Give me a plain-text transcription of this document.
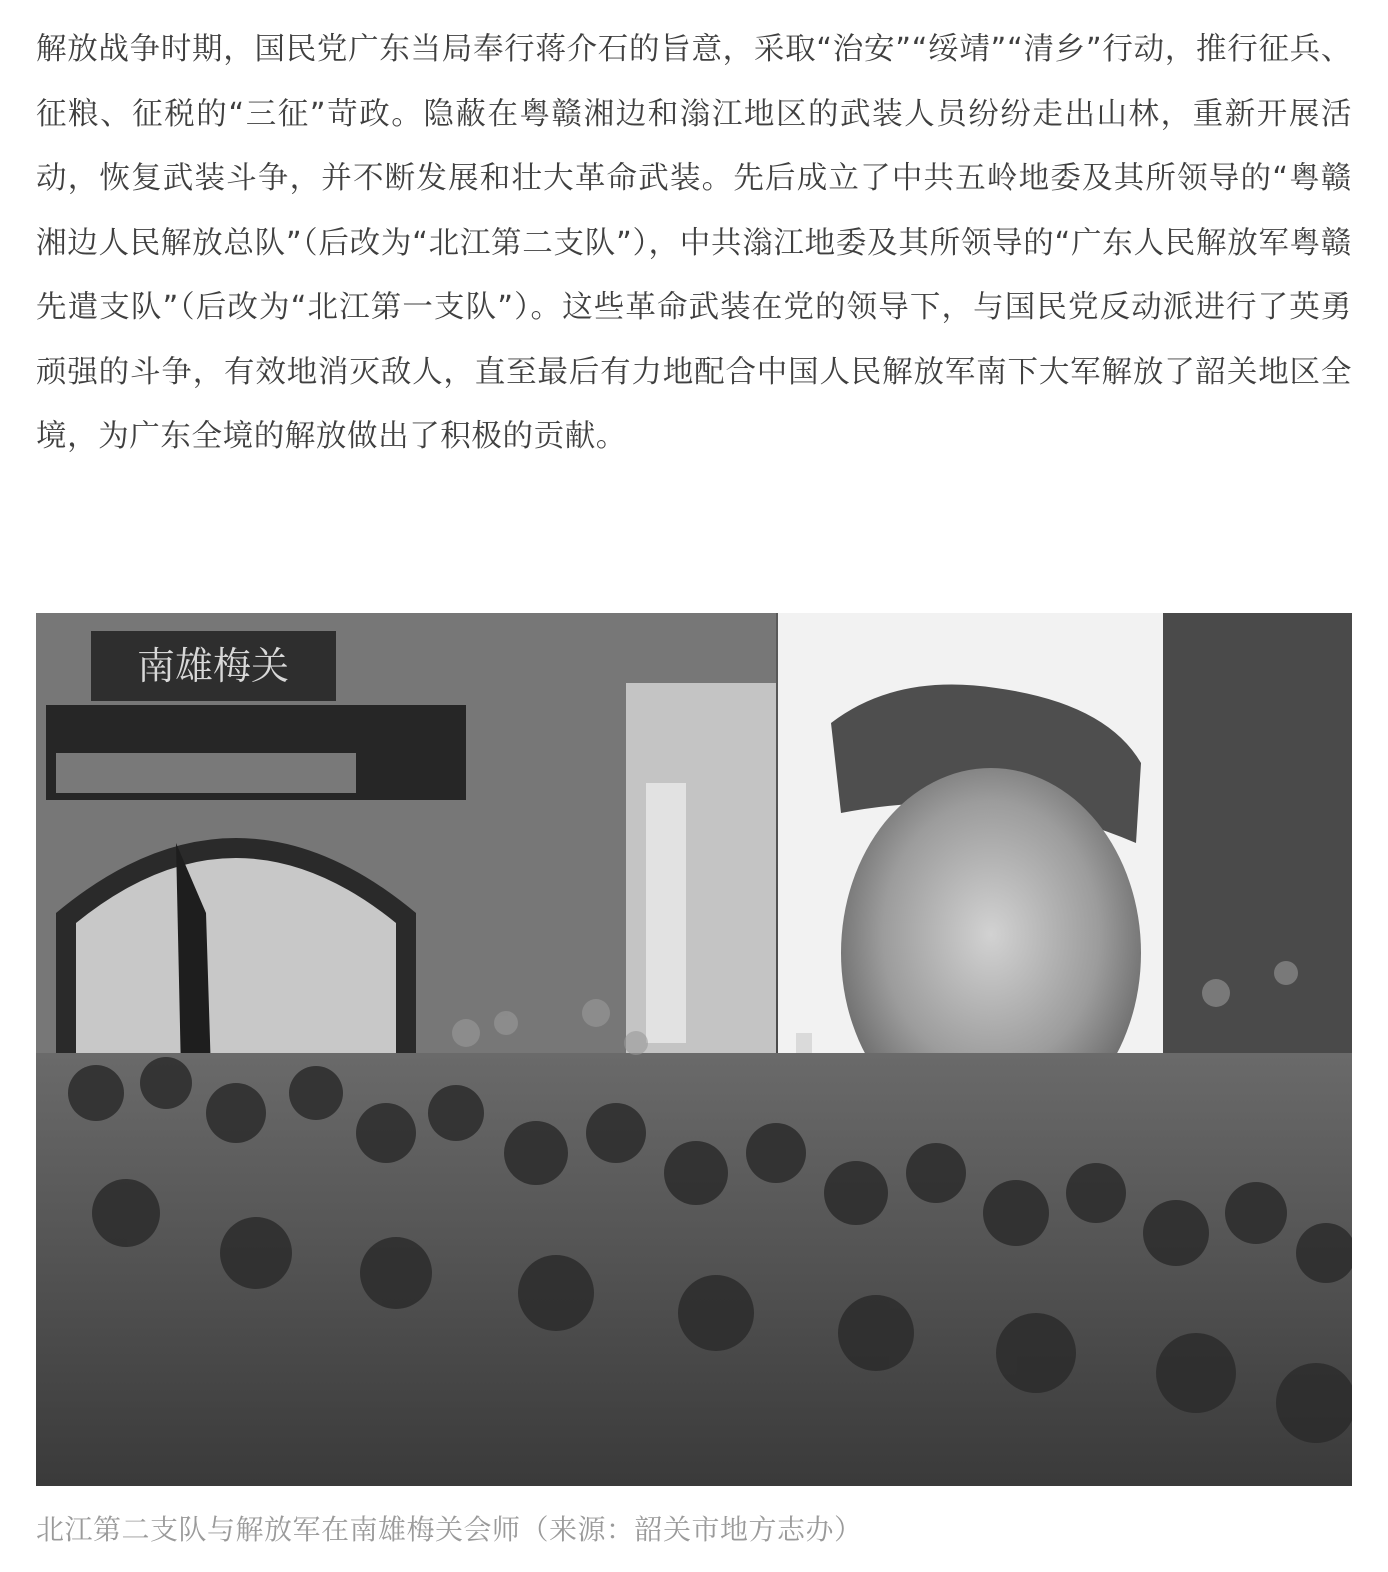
解放战争时期，国民党广东当局奉行蒋介石的旨意，采取“治安”“绥靖”“清乡”行动，推行征兵、征粮、征税的“三征”苛政。隐蔽在粤赣湘边和滃江地区的武装人员纷纷走出山林，重新开展活动，恢复武装斗争，并不断发展和壮大革命武装。先后成立了中共五岭地委及其所领导的“粤赣湘边人民解放总队”（后改为“北江第二支队”），中共滃江地委及其所领导的“广东人民解放军粤赣先遣支队”（后改为“北江第一支队”）。这些革命武装在党的领导下，与国民党反动派进行了英勇顽强的斗争，有效地消灭敌人，直至最后有力地配合中国人民解放军南下大军解放了韶关地区全境，为广东全境的解放做出了积极的贡献。

南雄梅关

北江第二支队与解放军在南雄梅关会师（来源：韶关市地方志办）
